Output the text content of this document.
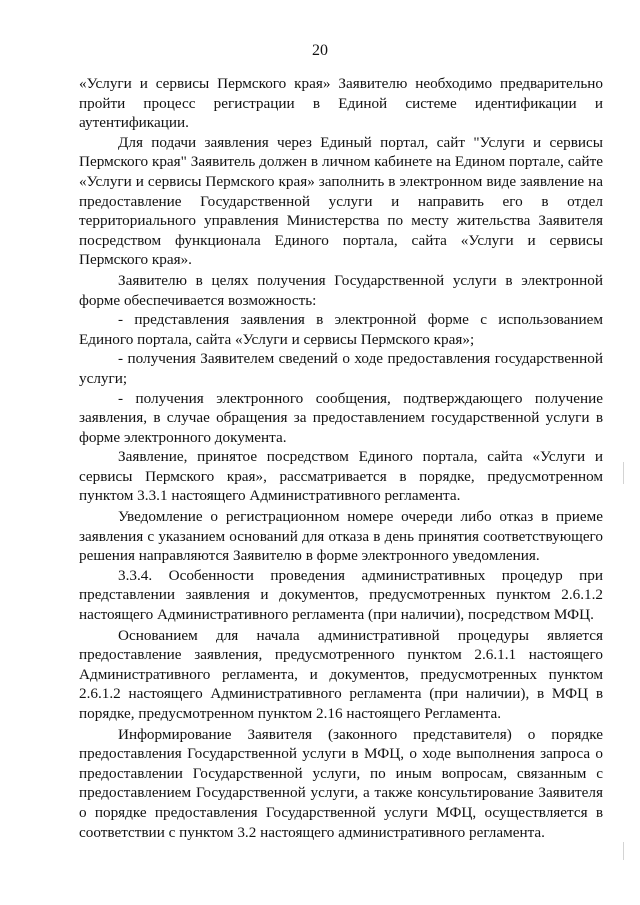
20

«Услуги и сервисы Пермского края» Заявителю необходимо предварительно пройти процесс регистрации в Единой системе идентификации и аутентификации.

Для подачи заявления через Единый портал, сайт "Услуги и сервисы Пермского края" Заявитель должен в личном кабинете на Едином портале, сайте «Услуги и сервисы Пермского края» заполнить в электронном виде заявление на предоставление Государственной услуги и направить его в отдел территориального управления Министерства по месту жительства Заявителя посредством функционала Единого портала, сайта «Услуги и сервисы Пермского края».

Заявителю в целях получения Государственной услуги в электронной форме обеспечивается возможность:

- представления заявления в электронной форме с использованием Единого портала, сайта «Услуги и сервисы Пермского края»;

- получения Заявителем сведений о ходе предоставления государственной услуги;

- получения электронного сообщения, подтверждающего получение заявления, в случае обращения за предоставлением государственной услуги в форме электронного документа.

Заявление, принятое посредством Единого портала, сайта «Услуги и сервисы Пермского края», рассматривается в порядке, предусмотренном пунктом 3.3.1 настоящего Административного регламента.

Уведомление о регистрационном номере очереди либо отказ в приеме заявления с указанием оснований для отказа в день принятия соответствующего решения направляются Заявителю в форме электронного уведомления.

3.3.4. Особенности проведения административных процедур при представлении заявления и документов, предусмотренных пунктом 2.6.1.2 настоящего Административного регламента (при наличии), посредством МФЦ.

Основанием для начала административной процедуры является предоставление заявления, предусмотренного пунктом 2.6.1.1 настоящего Административного регламента, и документов, предусмотренных пунктом 2.6.1.2 настоящего Административного регламента (при наличии), в МФЦ в порядке, предусмотренном пунктом 2.16 настоящего Регламента.

Информирование Заявителя (законного представителя) о порядке предоставления Государственной услуги в МФЦ, о ходе выполнения запроса о предоставлении Государственной услуги, по иным вопросам, связанным с предоставлением Государственной услуги, а также консультирование Заявителя о порядке предоставления Государственной услуги МФЦ, осуществляется в соответствии с пунктом 3.2 настоящего административного регламента.
